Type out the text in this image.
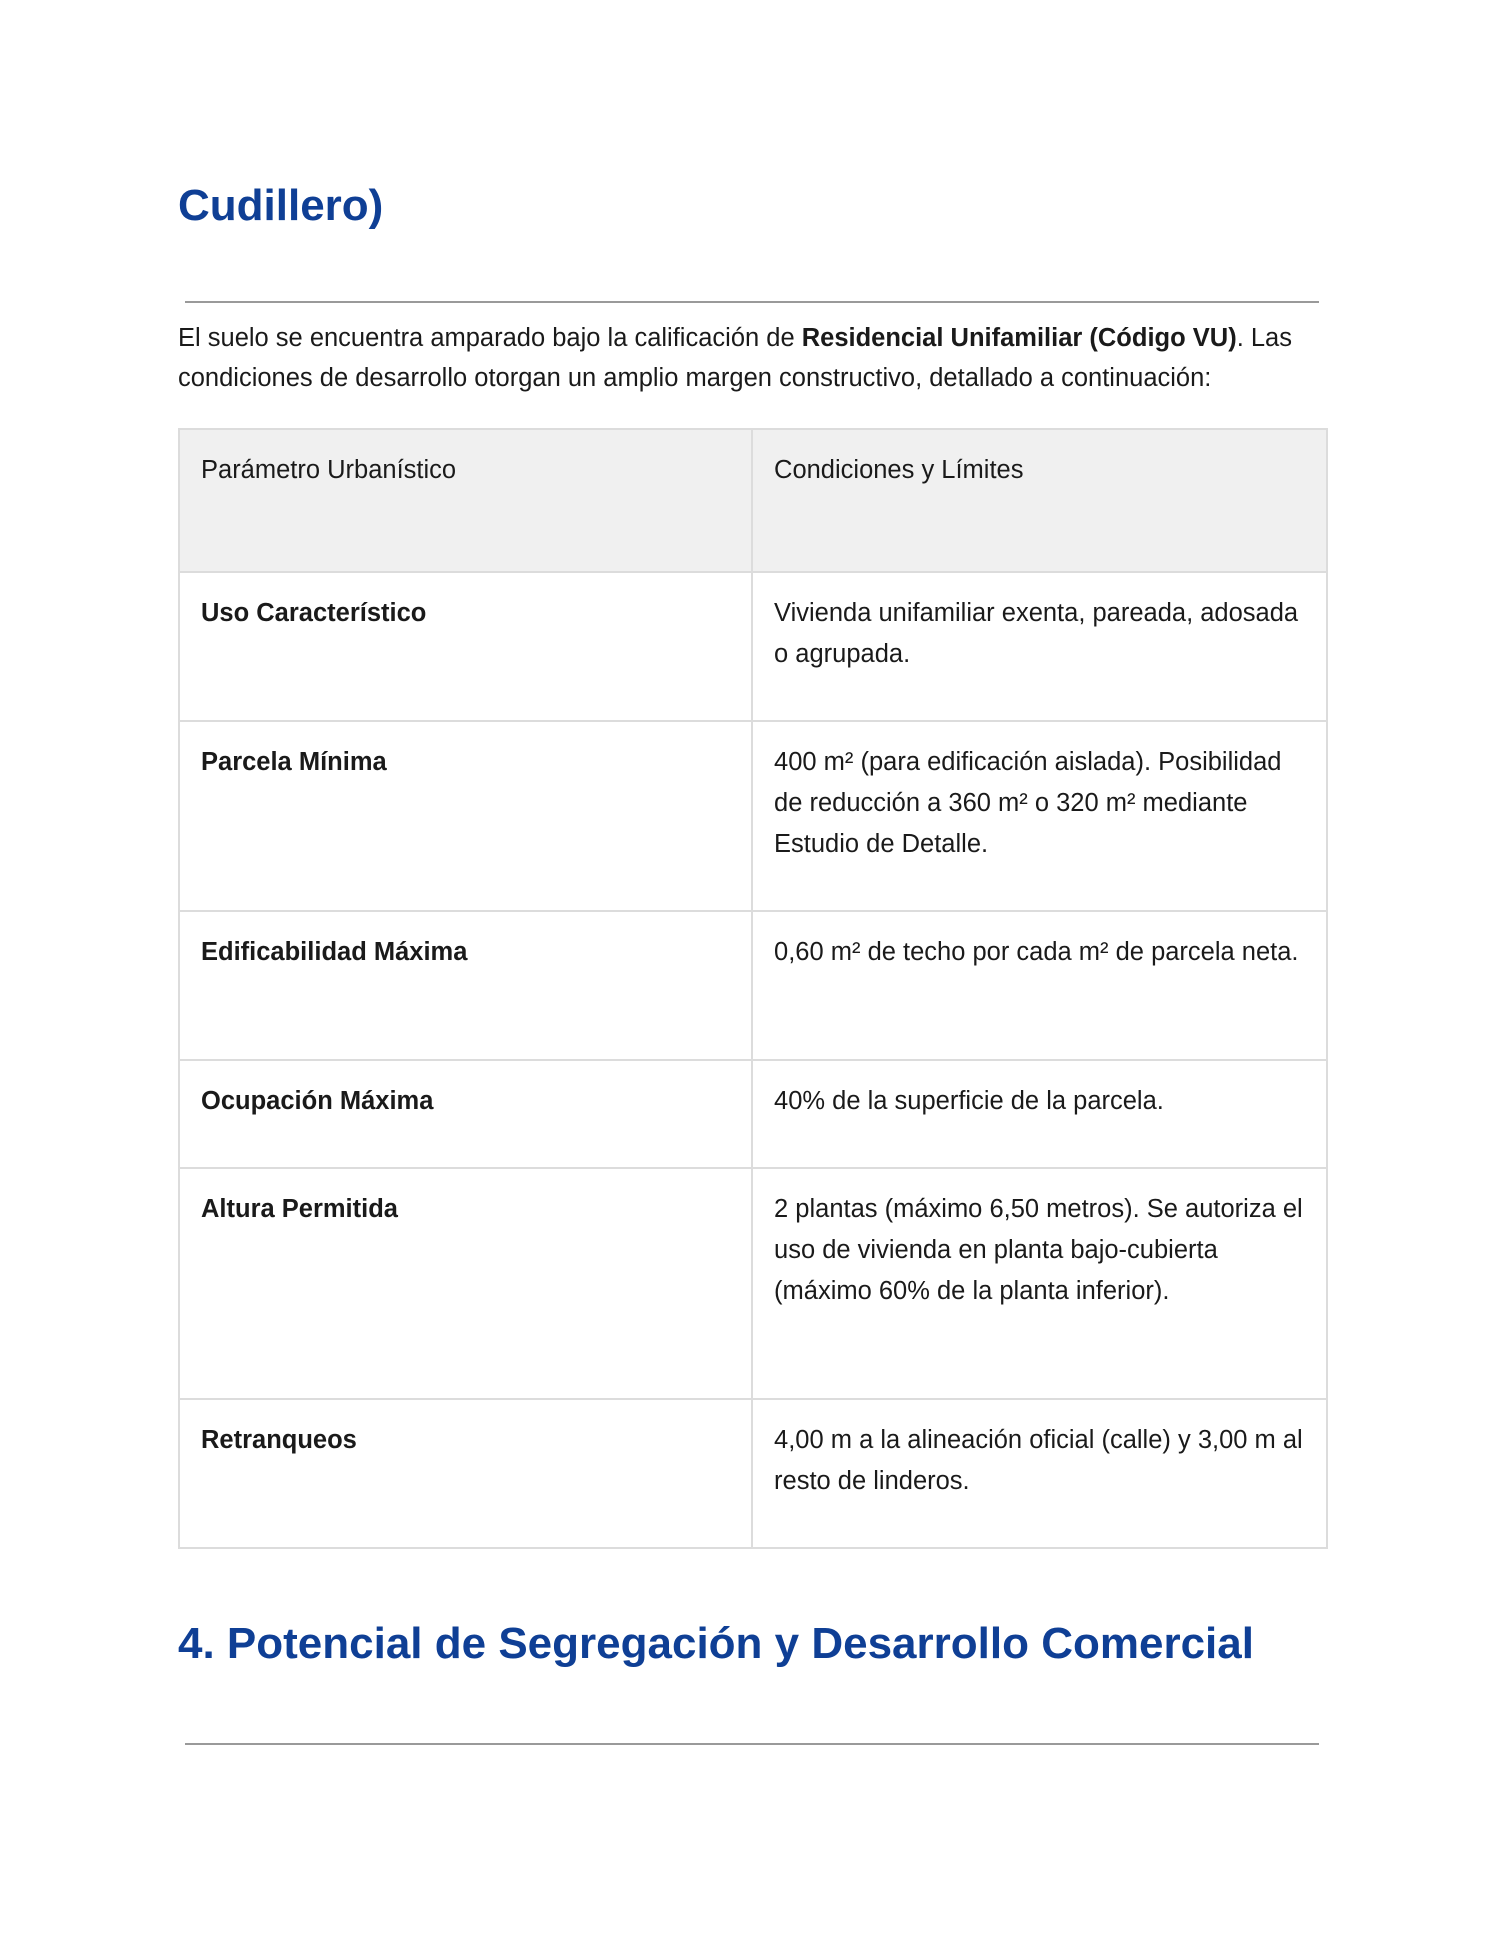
Cudillero)

El suelo se encuentra amparado bajo la calificación de Residencial Unifamiliar (Código VU). Las condiciones de desarrollo otorgan un amplio margen constructivo, detallado a continuación:

Parámetro Urbanístico	Condiciones y Límites
Uso Característico	Vivienda unifamiliar exenta, pareada, adosada o agrupada.
Parcela Mínima	400 m² (para edificación aislada). Posibilidad de reducción a 360 m² o 320 m² mediante Estudio de Detalle.
Edificabilidad Máxima	0,60 m² de techo por cada m² de parcela neta.
Ocupación Máxima	40% de la superficie de la parcela.
Altura Permitida	2 plantas (máximo 6,50 metros). Se autoriza el uso de vivienda en planta bajo-cubierta (máximo 60% de la planta inferior).
Retranqueos	4,00 m a la alineación oficial (calle) y 3,00 m al resto de linderos.
4. Potencial de Segregación y Desarrollo Comercial
